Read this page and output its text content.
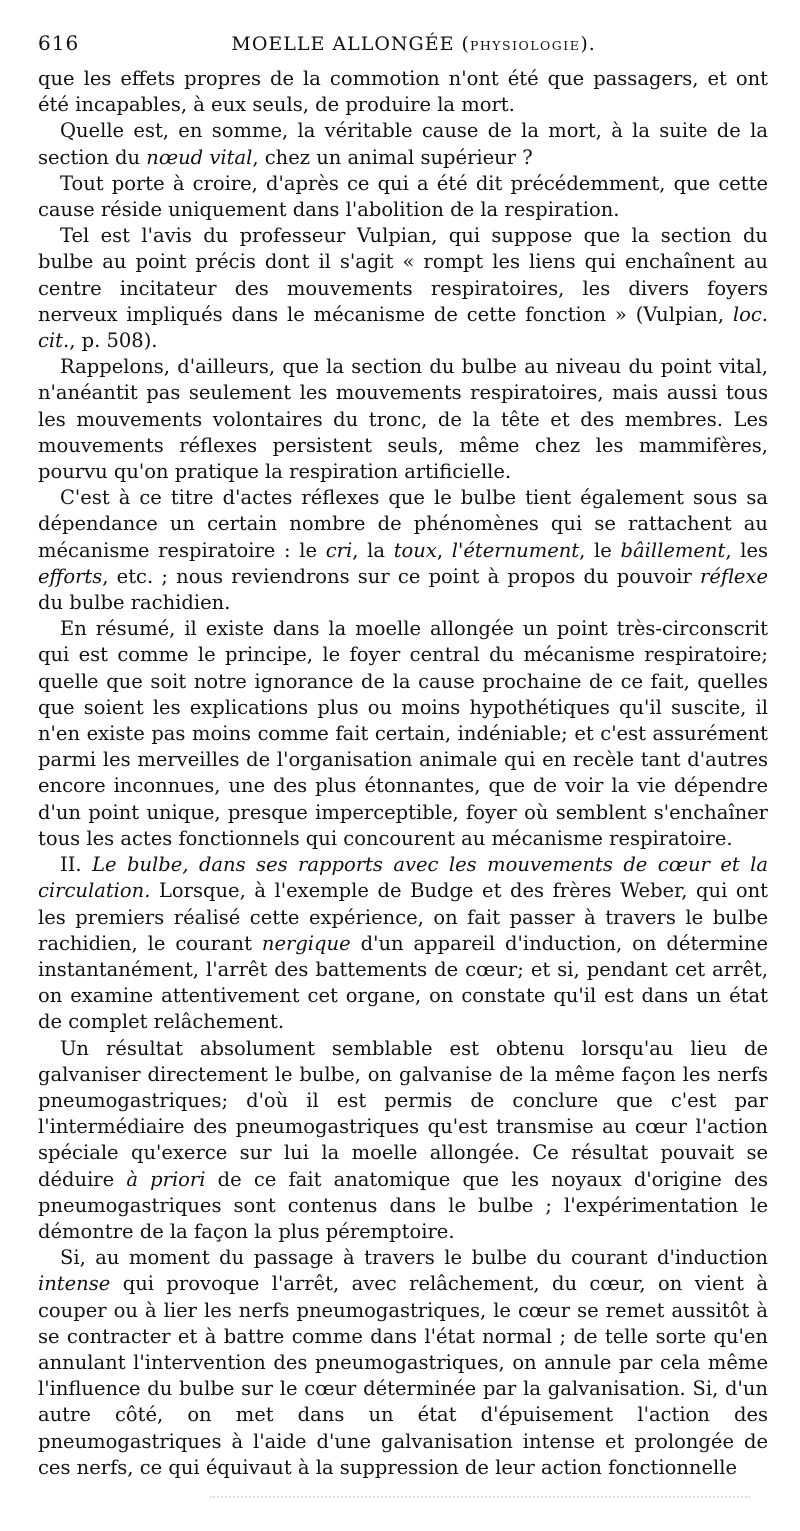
616	MOELLE ALLONGÉE (PHYSIOLOGIE).

que les effets propres de la commotion n'ont été que passagers, et ont été incapables, à eux seuls, de produire la mort.

Quelle est, en somme, la véritable cause de la mort, à la suite de la section du nœud vital, chez un animal supérieur ?

Tout porte à croire, d'après ce qui a été dit précédemment, que cette cause réside uniquement dans l'abolition de la respiration.

Tel est l'avis du professeur Vulpian, qui suppose que la section du bulbe au point précis dont il s'agit « rompt les liens qui enchaînent au centre incitateur des mouvements respiratoires, les divers foyers nerveux impliqués dans le mécanisme de cette fonction » (Vulpian, loc. cit., p. 508).

Rappelons, d'ailleurs, que la section du bulbe au niveau du point vital, n'anéantit pas seulement les mouvements respiratoires, mais aussi tous les mouvements volontaires du tronc, de la tête et des membres. Les mouvements réflexes persistent seuls, même chez les mammifères, pourvu qu'on pratique la respiration artificielle.

C'est à ce titre d'actes réflexes que le bulbe tient également sous sa dépendance un certain nombre de phénomènes qui se rattachent au mécanisme respiratoire : le cri, la toux, l'éternument, le bâillement, les efforts, etc. ; nous reviendrons sur ce point à propos du pouvoir réflexe du bulbe rachidien.

En résumé, il existe dans la moelle allongée un point très-circonscrit qui est comme le principe, le foyer central du mécanisme respiratoire; quelle que soit notre ignorance de la cause prochaine de ce fait, quelles que soient les explications plus ou moins hypothétiques qu'il suscite, il n'en existe pas moins comme fait certain, indéniable; et c'est assurément parmi les merveilles de l'organisation animale qui en recèle tant d'autres encore inconnues, une des plus étonnantes, que de voir la vie dépendre d'un point unique, presque imperceptible, foyer où semblent s'enchaîner tous les actes fonctionnels qui concourent au mécanisme respiratoire.

II. Le bulbe, dans ses rapports avec les mouvements de cœur et la circulation. Lorsque, à l'exemple de Budge et des frères Weber, qui ont les premiers réalisé cette expérience, on fait passer à travers le bulbe rachidien, le courant nergique d'un appareil d'induction, on détermine instantanément, l'arrêt des battements de cœur; et si, pendant cet arrêt, on examine attentivement cet organe, on constate qu'il est dans un état de complet relâchement.

Un résultat absolument semblable est obtenu lorsqu'au lieu de galvaniser directement le bulbe, on galvanise de la même façon les nerfs pneumogastriques; d'où il est permis de conclure que c'est par l'intermédiaire des pneumogastriques qu'est transmise au cœur l'action spéciale qu'exerce sur lui la moelle allongée. Ce résultat pouvait se déduire à priori de ce fait anatomique que les noyaux d'origine des pneumogastriques sont contenus dans le bulbe ; l'expérimentation le démontre de la façon la plus péremptoire.

Si, au moment du passage à travers le bulbe du courant d'induction intense qui provoque l'arrêt, avec relâchement, du cœur, on vient à couper ou à lier les nerfs pneumogastriques, le cœur se remet aussitôt à se contracter et à battre comme dans l'état normal ; de telle sorte qu'en annulant l'intervention des pneumogastriques, on annule par cela même l'influence du bulbe sur le cœur déterminée par la galvanisation. Si, d'un autre côté, on met dans un état d'épuisement l'action des pneumogastriques à l'aide d'une galvanisation intense et prolongée de ces nerfs, ce qui équivaut à la suppression de leur action fonctionnelle
